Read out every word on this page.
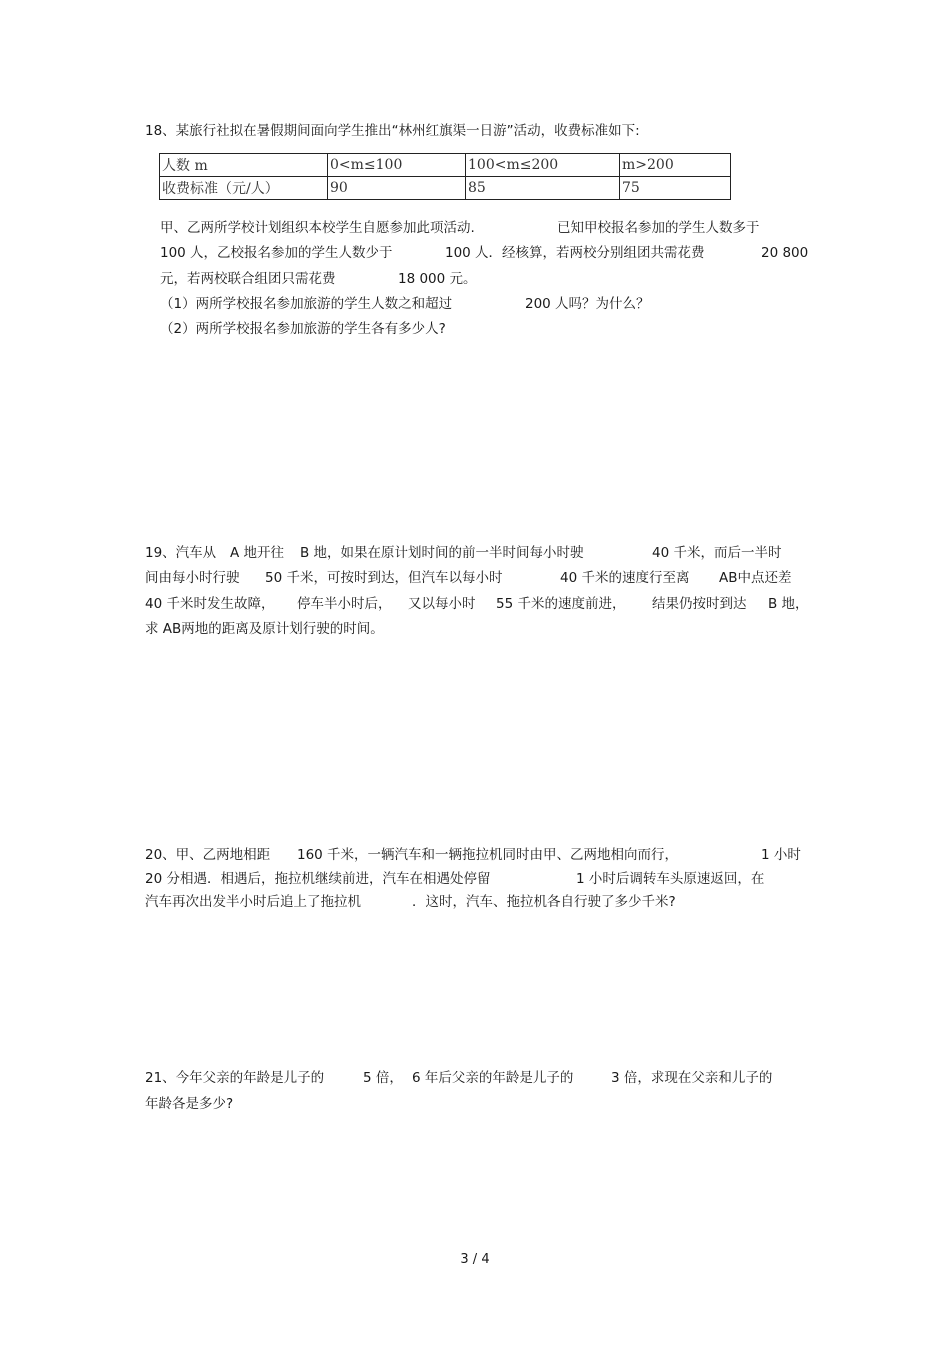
18、某旅行社拟在暑假期间面向学生推出“林州红旗渠一日游”活动，收费标准如下:
人数 m	0<m≤100	100<m≤200	m>200
收费标准（元/人）	90	85	75
甲、乙两所学校计划组织本校学生自愿参加此项活动.	已知甲校报名参加的学生人数多于
100 人，乙校报名参加的学生人数少于	100 人．经核算，若两校分别组团共需花费	20 800
元，若两校联合组团只需花费	18 000 元。
（1）两所学校报名参加旅游的学生人数之和超过	200 人吗？为什么？
（2）两所学校报名参加旅游的学生各有多少人?
19、汽车从 A 地开往 B 地，如果在原计划时间的前一半时间每小时驶	40 千米，而后一半时
间由每小时行驶 50 千米，可按时到达，但汽车以每小时	40 千米的速度行至离 AB中点还差
40 千米时发生故障， 停车半小时后， 又以每小时 55 千米的速度前进， 结果仍按时到达 B 地，
求 AB两地的距离及原计划行驶的时间。
20、甲、乙两地相距 160 千米，一辆汽车和一辆拖拉机同时由甲、乙两地相向而行，	1 小时
20 分相遇．相遇后，拖拉机继续前进，汽车在相遇处停留	1 小时后调转车头原速返回，在
汽车再次出发半小时后追上了拖拉机	．这时，汽车、拖拉机各自行驶了多少千米?
21、今年父亲的年龄是儿子的	5 倍， 6 年后父亲的年龄是儿子的	3 倍，求现在父亲和儿子的
年龄各是多少?
3 / 4
